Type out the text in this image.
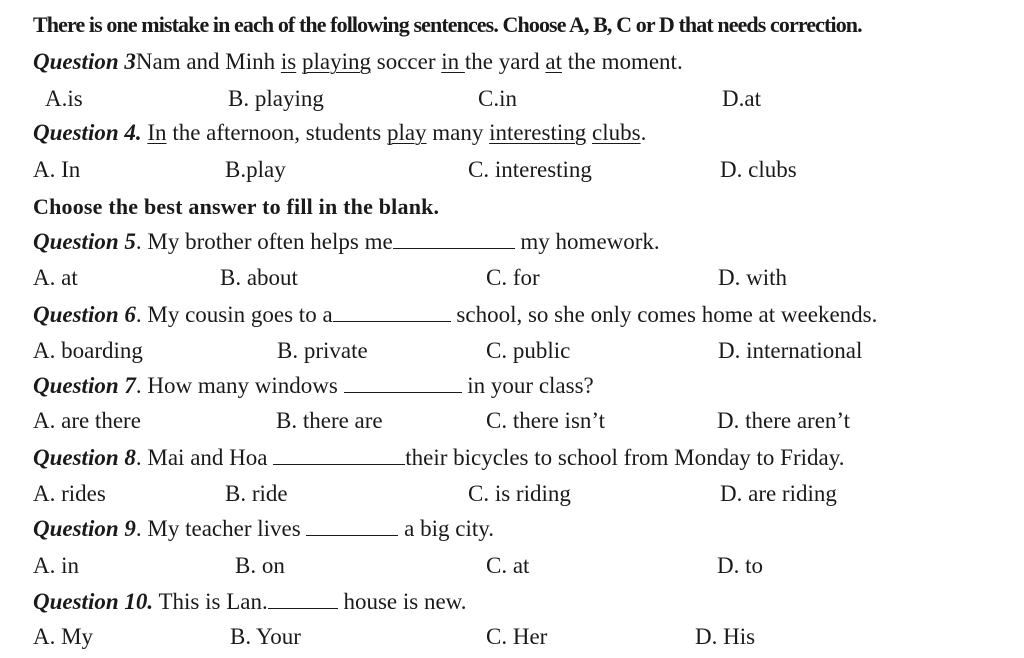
There is one mistake in each of the following sentences. Choose A, B, C or D that needs correction.
Question 3Nam and Minh is playing soccer in the yard at the moment.
A.is	B. playing	C.in	D.at
Question 4. In the afternoon, students play many interesting clubs.
A. In	B.play	C. interesting	D. clubs
Choose the best answer to fill in the blank.
Question 5. My brother often helps me	my homework.
A. at	B. about	C. for	D. with
Question 6. My cousin goes to a	school, so she only comes home at weekends.
A. boarding	B. private	C. public	D. international
Question 7. How many windows	in your class?
A. are there	B. there are	C. there isn’t	D. there aren’t
Question 8. Mai and Hoa	their bicycles to school from Monday to Friday.
A. rides	B. ride	C. is riding	D. are riding
Question 9. My teacher lives	a big city.
A. in	B. on	C. at	D. to
Question 10. This is Lan.	house is new.
A. My	B. Your	C. Her	D. His
